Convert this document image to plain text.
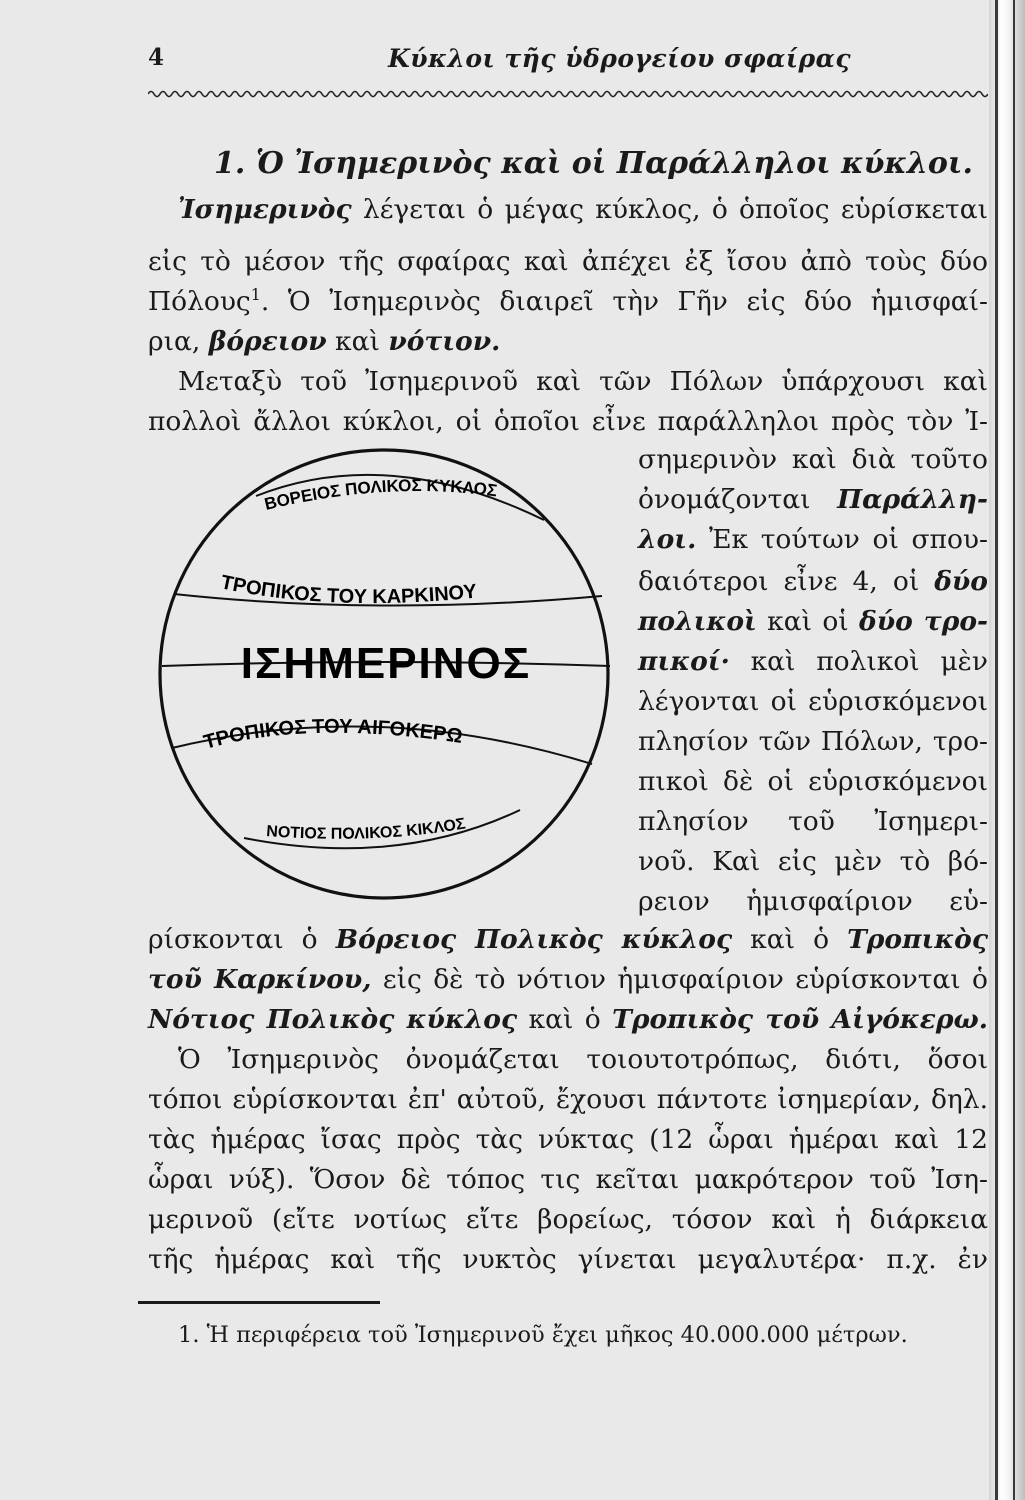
4	Κύκλοι τῆς ὑδρογείου σφαίρας
1. Ὁ Ἰσημερινὸς καὶ οἱ Παράλληλοι κύκλοι.
Ἰσημερινὸς λέγεται ὁ μέγας κύκλος, ὁ ὁποῖος εὑρίσκεται
εἰς τὸ μέσον τῆς σφαίρας καὶ ἀπέχει ἐξ ἴσου ἀπὸ τοὺς δύο
Πόλους$^1$. Ὁ Ἰσημερινὸς διαιρεῖ τὴν Γῆν εἰς δύο ἡμισφαί-
ρια, βόρειον καὶ νότιον.
Μεταξὺ τοῦ Ἰσημερινοῦ καὶ τῶν Πόλων ὑπάρχουσι καὶ
πολλοὶ ἄλλοι κύκλοι, οἱ ὁποῖοι εἶνε παράλληλοι πρὸς τὸν Ἰ-
σημερινὸν καὶ διὰ τοῦτο
ὀνομάζονται Παράλλη-
λοι. Ἐκ τούτων οἱ σπου-
δαιότεροι εἶνε 4, οἱ δύο
πολικοὶ καὶ οἱ δύο τρο-
πικοί· καὶ πολικοὶ μὲν
λέγονται οἱ εὑρισκόμενοι
πλησίον τῶν Πόλων, τρο-
πικοὶ δὲ οἱ εὑρισκόμενοι
πλησίον τοῦ Ἰσημερι-
νοῦ. Καὶ εἰς μὲν τὸ βό-
ρειον ἡμισφαίριον εὑ-
ρίσκονται ὁ Βόρειος Πολικὸς κύκλος καὶ ὁ Τροπικὸς
τοῦ Καρκίνου, εἰς δὲ τὸ νότιον ἡμισφαίριον εὑρίσκονται ὁ
Νότιος Πολικὸς κύκλος καὶ ὁ Τροπικὸς τοῦ Αἰγόκερω.
Ὁ Ἰσημερινὸς ὀνομάζεται τοιουτοτρόπως, διότι, ὅσοι
τόποι εὑρίσκονται ἐπ' αὐτοῦ, ἔχουσι πάντοτε ἰσημερίαν, δηλ.
τὰς ἡμέρας ἴσας πρὸς τὰς νύκτας (12 ὧραι ἡμέραι καὶ 12
ὧραι νύξ). Ὅσον δὲ τόπος τις κεῖται μακρότερον τοῦ Ἰση-
μερινοῦ (εἴτε νοτίως εἴτε βορείως, τόσον καὶ ἡ διάρκεια
τῆς ἡμέρας καὶ τῆς νυκτὸς γίνεται μεγαλυτέρα· π.χ. ἐν
1. Ἡ περιφέρεια τοῦ Ἰσημερινοῦ ἔχει μῆκος 40.000.000 μέτρων.
ΒΟΡΕΙΟΣ ΠΟΛΙΚΟΣ ΚΥΚΛΟΣ
ΤΡΟΠΙΚΟΣ ΤΟΥ ΚΑΡΚΙΝΟΥ
ΙΣΗΜΕΡΙΝΟΣ
ΤΡΟΠΙΚΟΣ ΤΟΥ ΑΙΓΟΚΕΡΩ
ΝΟΤΙΟΣ ΠΟΛΙΚΟΣ ΚΙΚΛΟΣ
